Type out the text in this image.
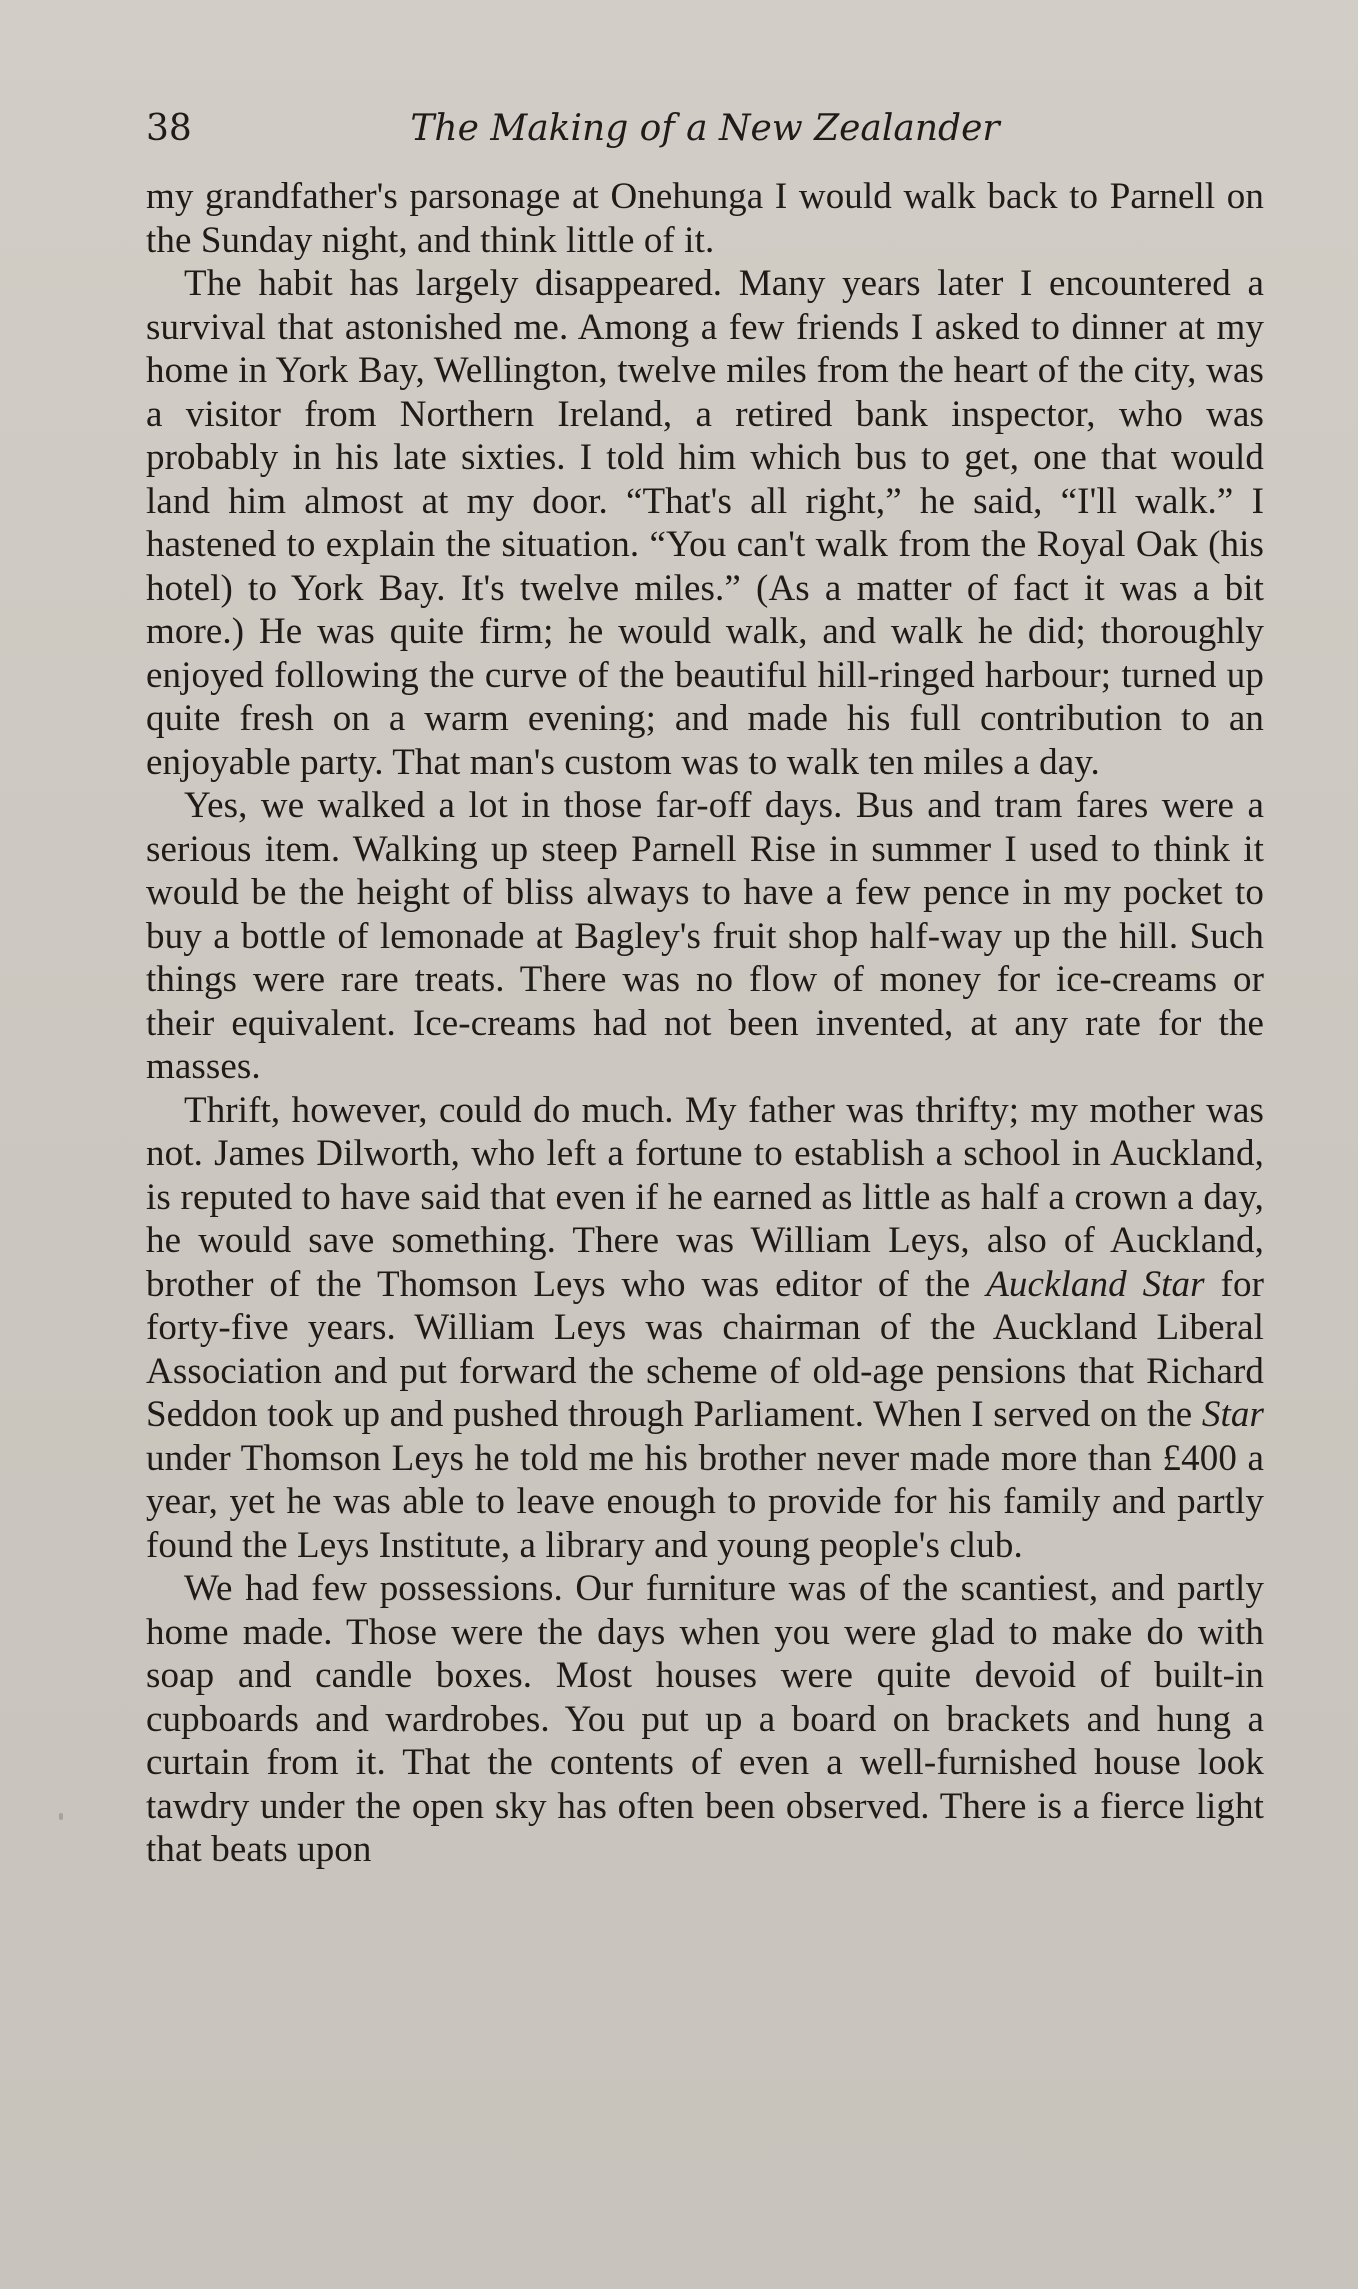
38	The Making of a New Zealander

my grandfather's parsonage at Onehunga I would walk back to Parnell on the Sunday night, and think little of it.

The habit has largely disappeared. Many years later I encountered a survival that astonished me. Among a few friends I asked to dinner at my home in York Bay, Wellington, twelve miles from the heart of the city, was a visitor from Northern Ireland, a retired bank inspector, who was probably in his late sixties. I told him which bus to get, one that would land him almost at my door. “That's all right,” he said, “I'll walk.” I hastened to explain the situation. “You can't walk from the Royal Oak (his hotel) to York Bay. It's twelve miles.” (As a matter of fact it was a bit more.) He was quite firm; he would walk, and walk he did; thoroughly enjoyed following the curve of the beautiful hill-ringed harbour; turned up quite fresh on a warm evening; and made his full contribution to an enjoyable party. That man's custom was to walk ten miles a day.

Yes, we walked a lot in those far-off days. Bus and tram fares were a serious item. Walking up steep Parnell Rise in summer I used to think it would be the height of bliss always to have a few pence in my pocket to buy a bottle of lemonade at Bagley's fruit shop half-way up the hill. Such things were rare treats. There was no flow of money for ice-creams or their equivalent. Ice-creams had not been invented, at any rate for the masses.

Thrift, however, could do much. My father was thrifty; my mother was not. James Dilworth, who left a fortune to establish a school in Auckland, is reputed to have said that even if he earned as little as half a crown a day, he would save something. There was William Leys, also of Auckland, brother of the Thomson Leys who was editor of the Auckland Star for forty-five years. William Leys was chairman of the Auckland Liberal Association and put forward the scheme of old-age pensions that Richard Seddon took up and pushed through Parliament. When I served on the Star under Thomson Leys he told me his brother never made more than £400 a year, yet he was able to leave enough to provide for his family and partly found the Leys Institute, a library and young people's club.

We had few possessions. Our furniture was of the scantiest, and partly home made. Those were the days when you were glad to make do with soap and candle boxes. Most houses were quite devoid of built-in cupboards and wardrobes. You put up a board on brackets and hung a curtain from it. That the contents of even a well-furnished house look tawdry under the open sky has often been observed. There is a fierce light that beats upon
